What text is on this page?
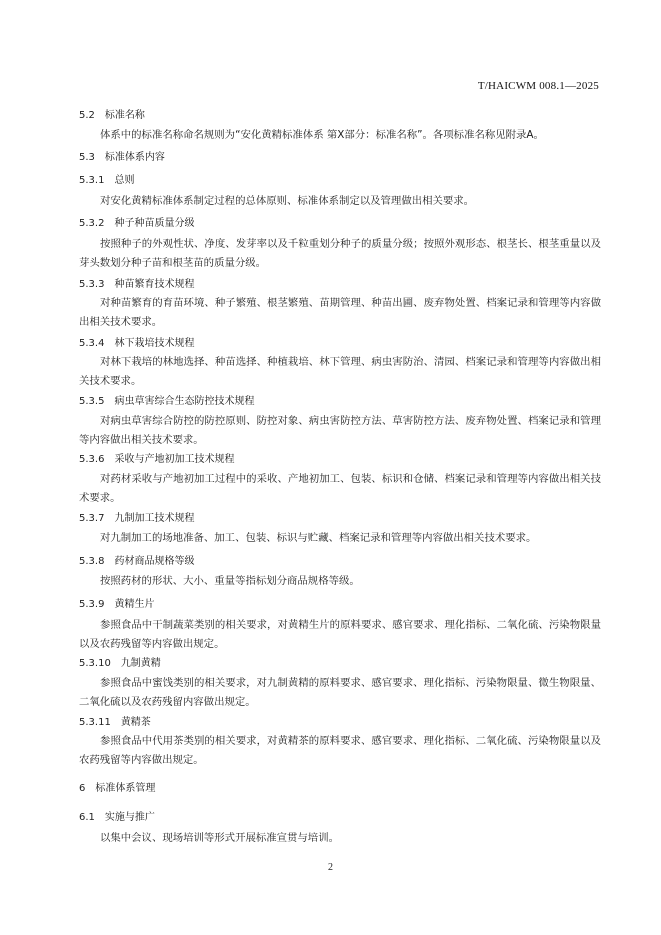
T/HAICWM 008.1—2025
5.2 标准名称

体系中的标准名称命名规则为“安化黄精标准体系 第X部分：标准名称”。各项标准名称见附录A。

5.3 标准体系内容
5.3.1 总则

对安化黄精标准体系制定过程的总体原则、标准体系制定以及管理做出相关要求。

5.3.2 种子种苗质量分级

按照种子的外观性状、净度、发芽率以及千粒重划分种子的质量分级；按照外观形态、根茎长、根茎重量以及芽头数划分种子苗和根茎苗的质量分级。

5.3.3 种苗繁育技术规程

对种苗繁育的育苗环境、种子繁殖、根茎繁殖、苗期管理、种苗出圃、废弃物处置、档案记录和管理等内容做出相关技术要求。

5.3.4 林下栽培技术规程

对林下栽培的林地选择、种苗选择、种植栽培、林下管理、病虫害防治、清园、档案记录和管理等内容做出相关技术要求。

5.3.5 病虫草害综合生态防控技术规程

对病虫草害综合防控的防控原则、防控对象、病虫害防控方法、草害防控方法、废弃物处置、档案记录和管理等内容做出相关技术要求。

5.3.6 采收与产地初加工技术规程

对药材采收与产地初加工过程中的采收、产地初加工、包装、标识和仓储、档案记录和管理等内容做出相关技术要求。

5.3.7 九制加工技术规程

对九制加工的场地准备、加工、包装、标识与贮藏、档案记录和管理等内容做出相关技术要求。

5.3.8 药材商品规格等级

按照药材的形状、大小、重量等指标划分商品规格等级。

5.3.9 黄精生片

参照食品中干制蔬菜类别的相关要求，对黄精生片的原料要求、感官要求、理化指标、二氧化硫、污染物限量以及农药残留等内容做出规定。

5.3.10 九制黄精

参照食品中蜜饯类别的相关要求，对九制黄精的原料要求、感官要求、理化指标、污染物限量、微生物限量、二氧化硫以及农药残留内容做出规定。

5.3.11 黄精茶

参照食品中代用茶类别的相关要求，对黄精茶的原料要求、感官要求、理化指标、二氧化硫、污染物限量以及农药残留等内容做出规定。

6 标准体系管理
6.1 实施与推广

以集中会议、现场培训等形式开展标准宣贯与培训。

2
